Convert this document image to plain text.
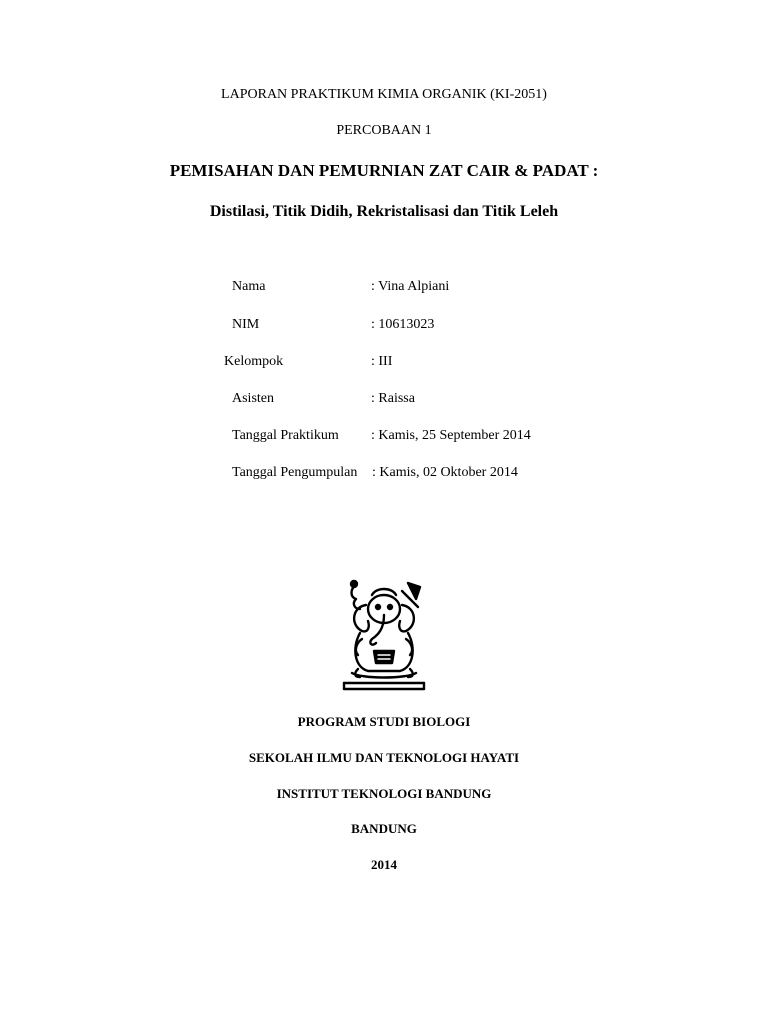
LAPORAN PRAKTIKUM KIMIA ORGANIK (KI-2051)
PERCOBAAN 1
PEMISAHAN DAN PEMURNIAN ZAT CAIR & PADAT :
Distilasi, Titik Didih, Rekristalisasi dan Titik Leleh
Nama	: Vina Alpiani
NIM	: 10613023
Kelompok	: III
Asisten	: Raissa
Tanggal Praktikum : Kamis, 25 September 2014
Tanggal Pengumpulan : Kamis, 02 Oktober 2014
PROGRAM STUDI BIOLOGI
SEKOLAH ILMU DAN TEKNOLOGI HAYATI
INSTITUT TEKNOLOGI BANDUNG
BANDUNG
2014
